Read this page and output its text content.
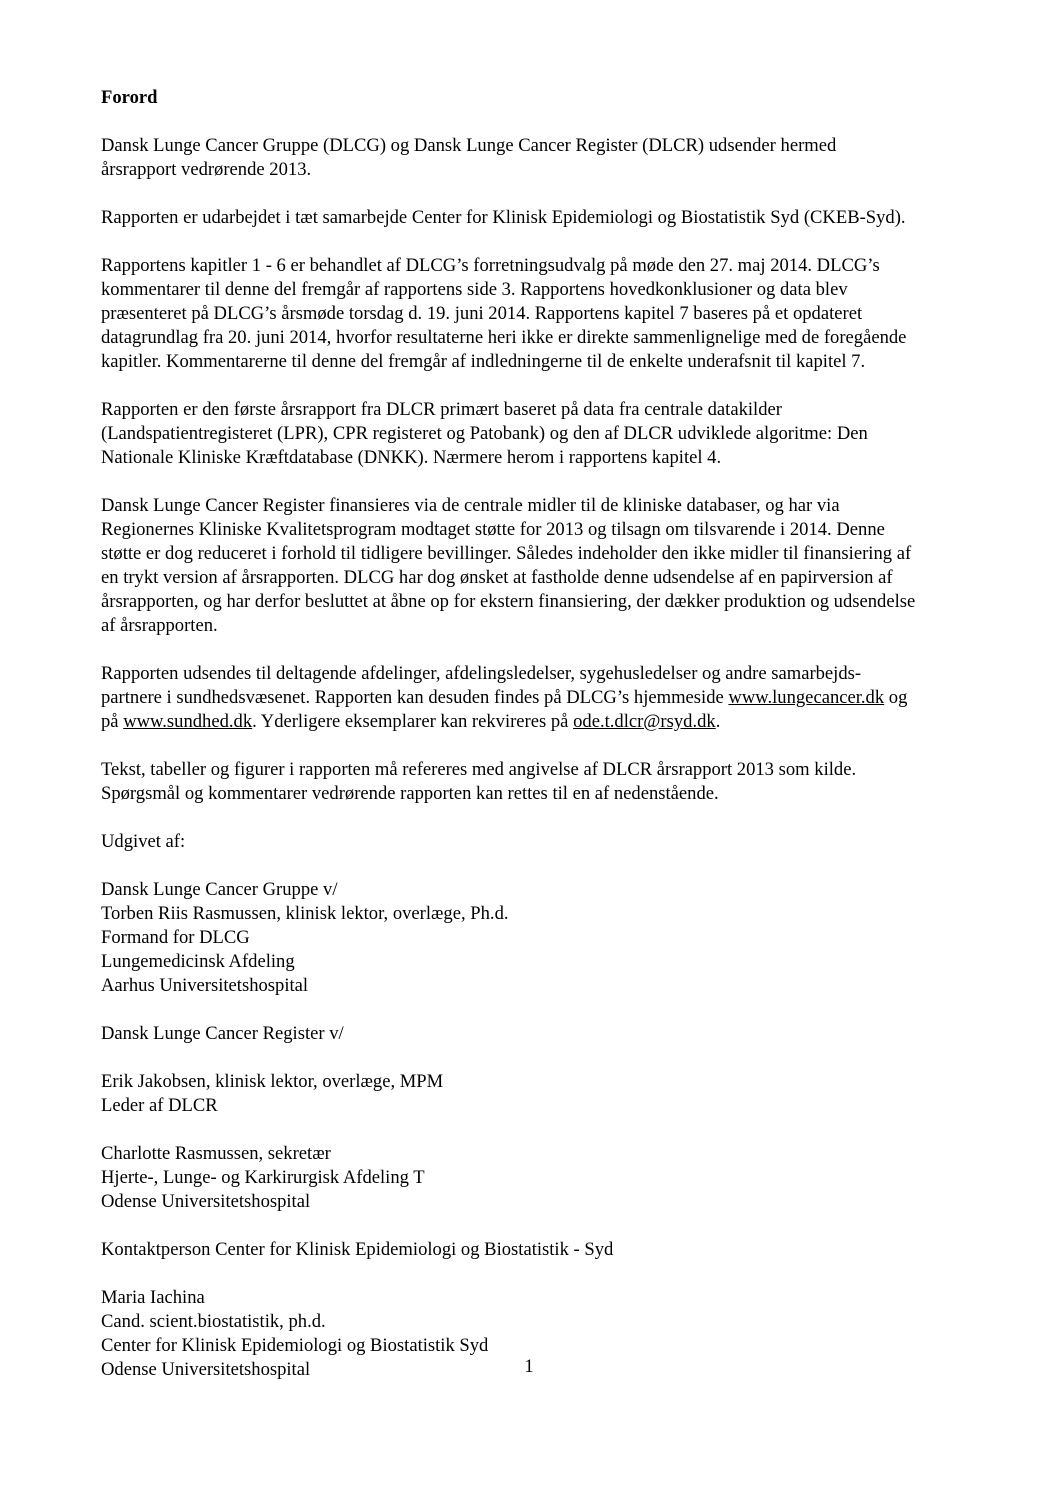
Forord

Dansk Lunge Cancer Gruppe (DLCG) og Dansk Lunge Cancer Register (DLCR) udsender hermed
årsrapport vedrørende 2013.

Rapporten er udarbejdet i tæt samarbejde Center for Klinisk Epidemiologi og Biostatistik Syd (CKEB-Syd).

Rapportens kapitler 1 - 6 er behandlet af DLCG’s forretningsudvalg på møde den 27. maj 2014. DLCG’s
kommentarer til denne del fremgår af rapportens side 3. Rapportens hovedkonklusioner og data blev
præsenteret på DLCG’s årsmøde torsdag d. 19. juni 2014. Rapportens kapitel 7 baseres på et opdateret
datagrundlag fra 20. juni 2014, hvorfor resultaterne heri ikke er direkte sammenlignelige med de foregående
kapitler. Kommentarerne til denne del fremgår af indledningerne til de enkelte underafsnit til kapitel 7.

Rapporten er den første årsrapport fra DLCR primært baseret på data fra centrale datakilder
(Landspatientregisteret (LPR), CPR registeret og Patobank) og den af DLCR udviklede algoritme: Den
Nationale Kliniske Kræftdatabase (DNKK). Nærmere herom i rapportens kapitel 4.

Dansk Lunge Cancer Register finansieres via de centrale midler til de kliniske databaser, og har via
Regionernes Kliniske Kvalitetsprogram modtaget støtte for 2013 og tilsagn om tilsvarende i 2014. Denne
støtte er dog reduceret i forhold til tidligere bevillinger. Således indeholder den ikke midler til finansiering af
en trykt version af årsrapporten. DLCG har dog ønsket at fastholde denne udsendelse af en papirversion af
årsrapporten, og har derfor besluttet at åbne op for ekstern finansiering, der dækker produktion og udsendelse
af årsrapporten.

Rapporten udsendes til deltagende afdelinger, afdelingsledelser, sygehusledelser og andre samarbejds-
partnere i sundhedsvæsenet. Rapporten kan desuden findes på DLCG’s hjemmeside www.lungecancer.dk og
på www.sundhed.dk. Yderligere eksemplarer kan rekvireres på ode.t.dlcr@rsyd.dk.

Tekst, tabeller og figurer i rapporten må refereres med angivelse af DLCR årsrapport 2013 som kilde.
Spørgsmål og kommentarer vedrørende rapporten kan rettes til en af nedenstående.

Udgivet af:

Dansk Lunge Cancer Gruppe v/
Torben Riis Rasmussen, klinisk lektor, overlæge, Ph.d.
Formand for DLCG
Lungemedicinsk Afdeling
Aarhus Universitetshospital
Dansk Lunge Cancer Register v/
Erik Jakobsen, klinisk lektor, overlæge, MPM
Leder af DLCR
Charlotte Rasmussen, sekretær
Hjerte-, Lunge- og Karkirurgisk Afdeling T
Odense Universitetshospital
Kontaktperson Center for Klinisk Epidemiologi og Biostatistik - Syd
Maria Iachina
Cand. scient.biostatistik, ph.d.
Center for Klinisk Epidemiologi og Biostatistik Syd
Odense Universitetshospital	1
